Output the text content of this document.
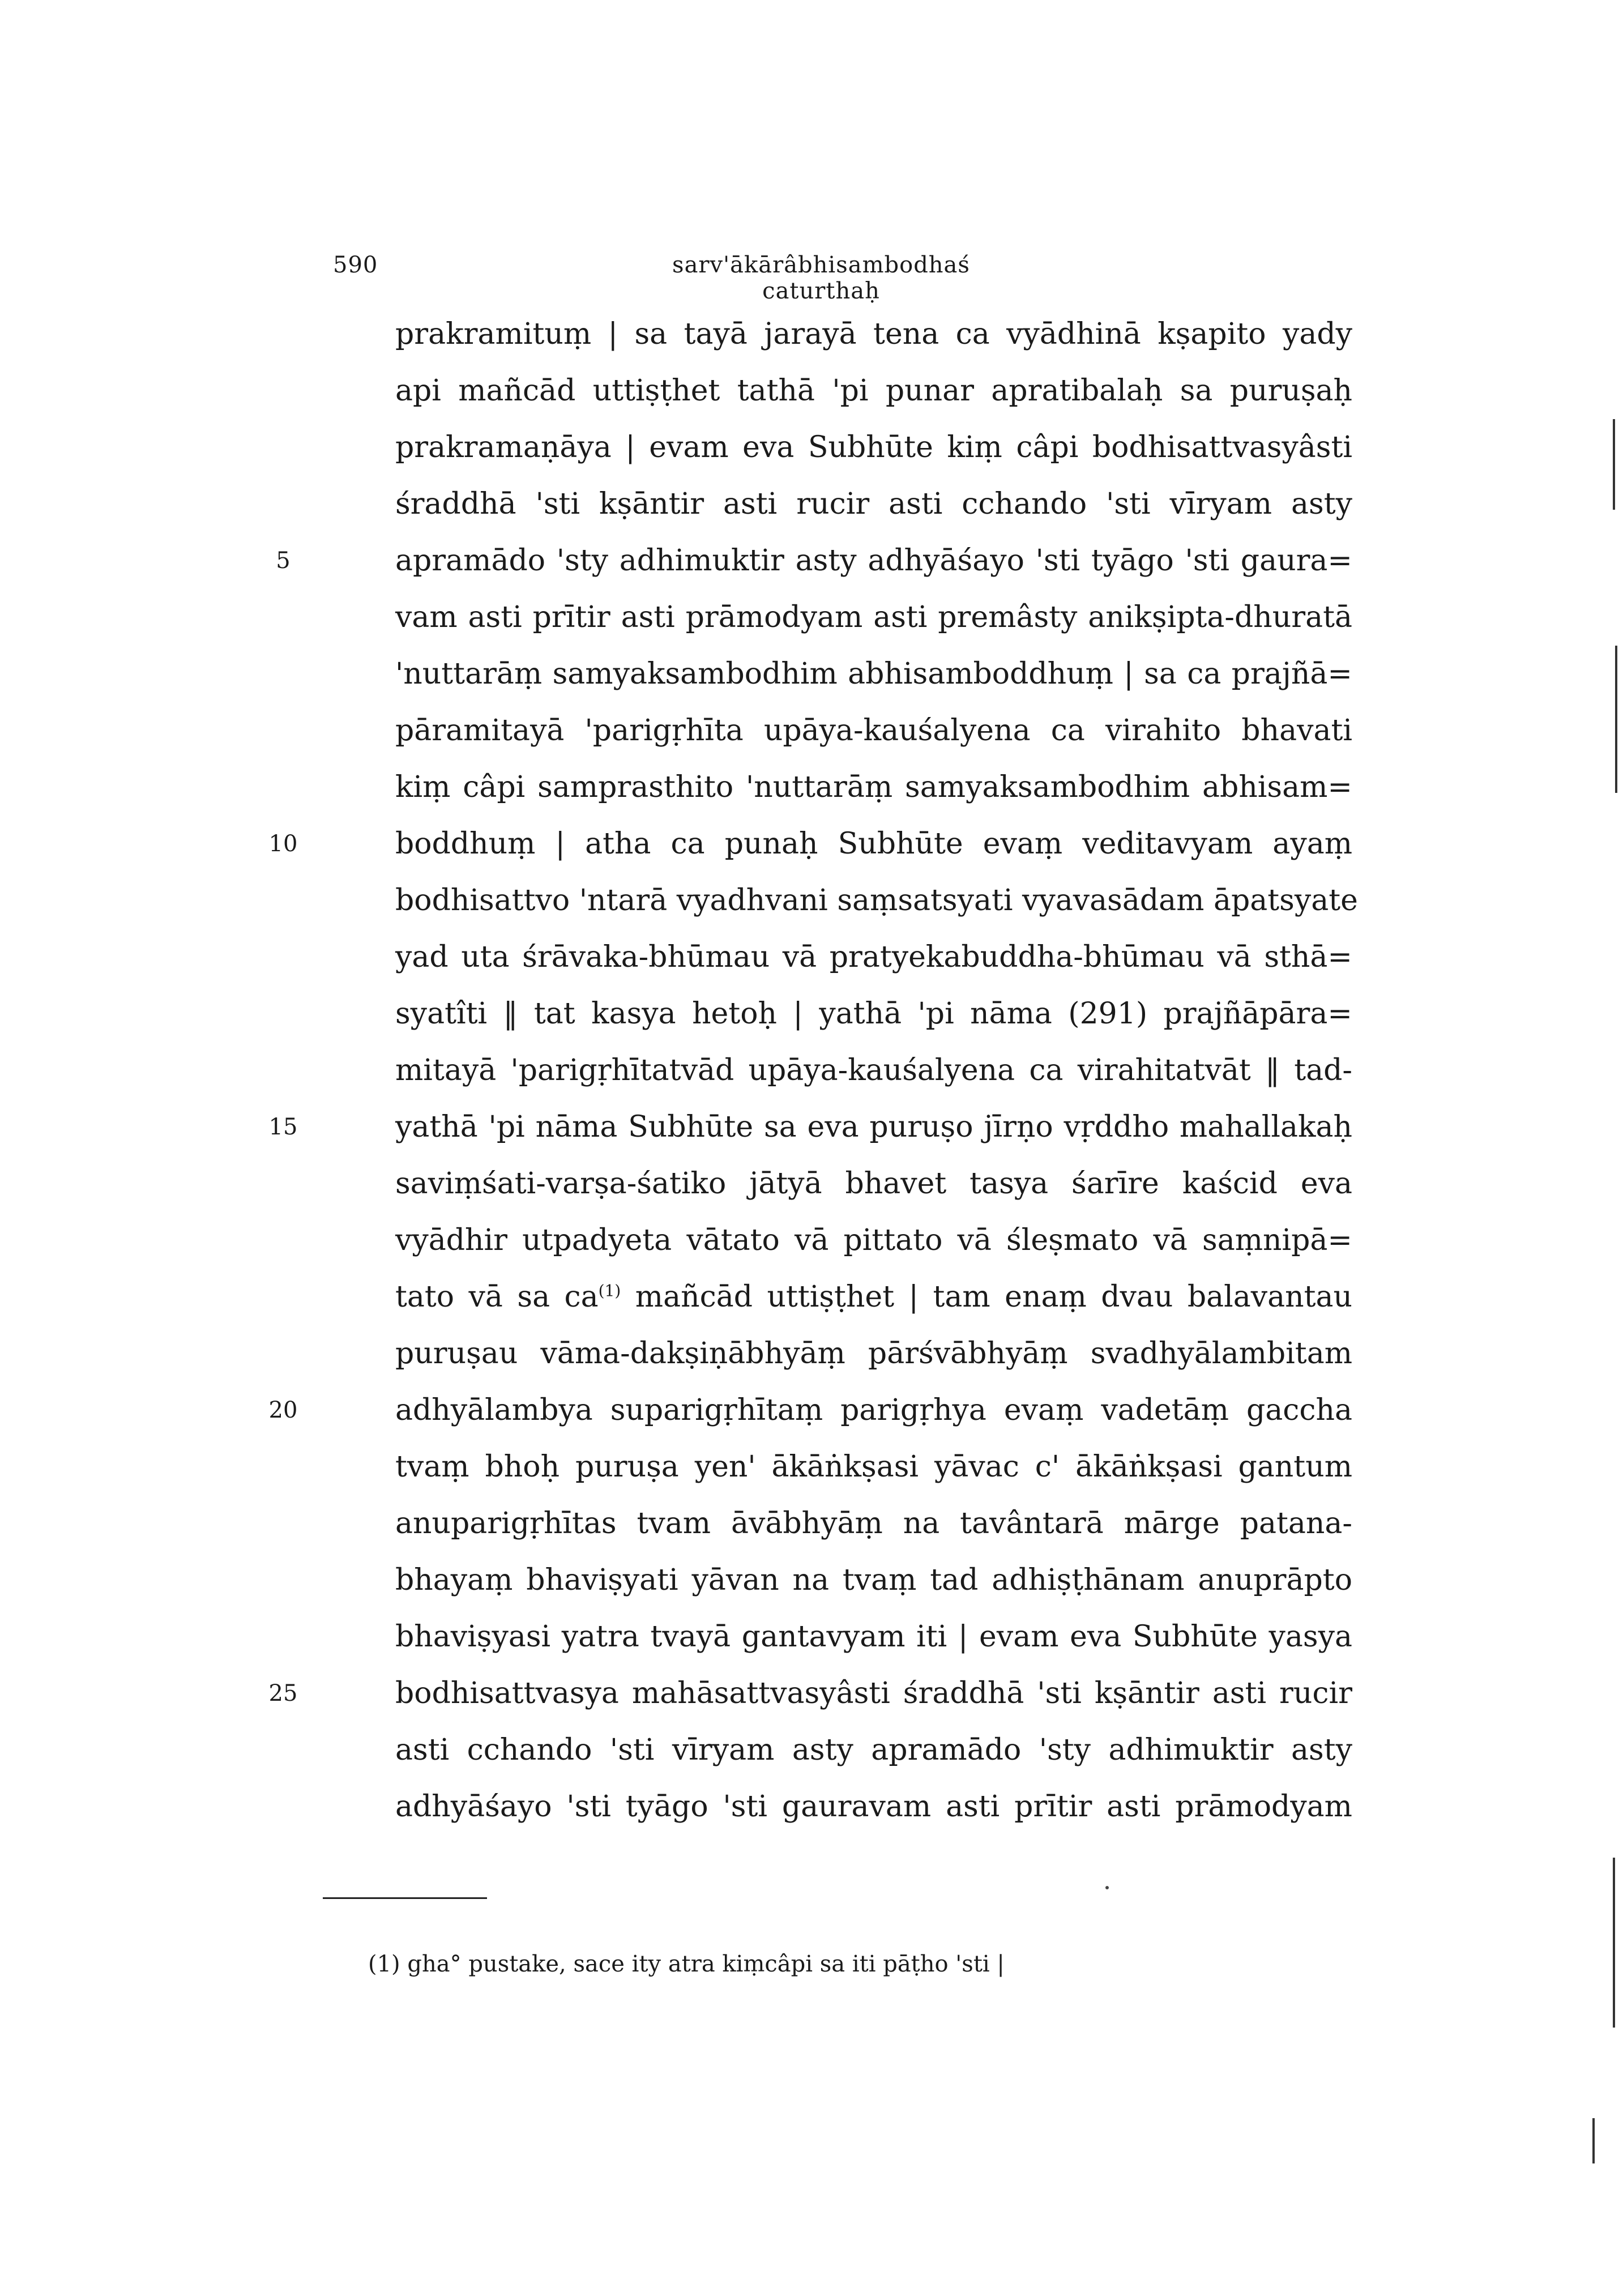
590	sarv'ākārâbhisambodhaś caturthaḥ
prakramituṃ | sa tayā jarayā tena ca vyādhinā kṣapito yady
api mañcād uttiṣṭhet tathā 'pi punar apratibalaḥ sa puruṣaḥ
prakramaṇāya | evam eva Subhūte kiṃ câpi bodhisattvasyâsti
śraddhā 'sti kṣāntir asti rucir asti cchando 'sti vīryam asty
apramādo 'sty adhimuktir asty adhyāśayo 'sti tyāgo 'sti gaura=
vam asti prītir asti prāmodyam asti premâsty anikṣipta-dhuratā
'nuttarāṃ samyaksambodhim abhisamboddhuṃ | sa ca prajñā=
pāramitayā 'parigṛhīta upāya-kauśalyena ca virahito bhavati
kiṃ câpi samprasthito 'nuttarāṃ samyaksambodhim abhisam=
boddhuṃ | atha ca punaḥ Subhūte evaṃ veditavyam ayaṃ
bodhisattvo 'ntarā vyadhvani saṃsatsyati vyavasādam āpatsyate
yad uta śrāvaka-bhūmau vā pratyekabuddha-bhūmau vā sthā=
syatîti ‖ tat kasya hetoḥ | yathā 'pi nāma (291) prajñāpāra=
mitayā 'parigṛhītatvād upāya-kauśalyena ca virahitatvāt ‖ tad-
yathā 'pi nāma Subhūte sa eva puruṣo jīrṇo vṛddho mahallakaḥ
saviṃśati-varṣa-śatiko jātyā bhavet tasya śarīre kaścid eva
vyādhir utpadyeta vātato vā pittato vā śleṣmato vā saṃnipā=
tato vā sa ca$^{(1)}$ mañcād uttiṣṭhet | tam enaṃ dvau balavantau
puruṣau vāma-dakṣiṇābhyāṃ pārśvābhyāṃ svadhyālambitam
adhyālambya suparigṛhītaṃ parigṛhya evaṃ vadetāṃ gaccha
tvaṃ bhoḥ puruṣa yen' ākāṅkṣasi yāvac c' ākāṅkṣasi gantum
anuparigṛhītas tvam āvābhyāṃ na tavântarā mārge patana-
bhayaṃ bhaviṣyati yāvan na tvaṃ tad adhiṣṭhānam anuprāpto
bhaviṣyasi yatra tvayā gantavyam iti | evam eva Subhūte yasya
bodhisattvasya mahāsattvasyâsti śraddhā 'sti kṣāntir asti rucir
asti cchando 'sti vīryam asty apramādo 'sty adhimuktir asty
adhyāśayo 'sti tyāgo 'sti gauravam asti prītir asti prāmodyam
5
10
15
20
25
(1) gha° pustake, sace ity atra kiṃcâpi sa iti pāṭho 'sti |
